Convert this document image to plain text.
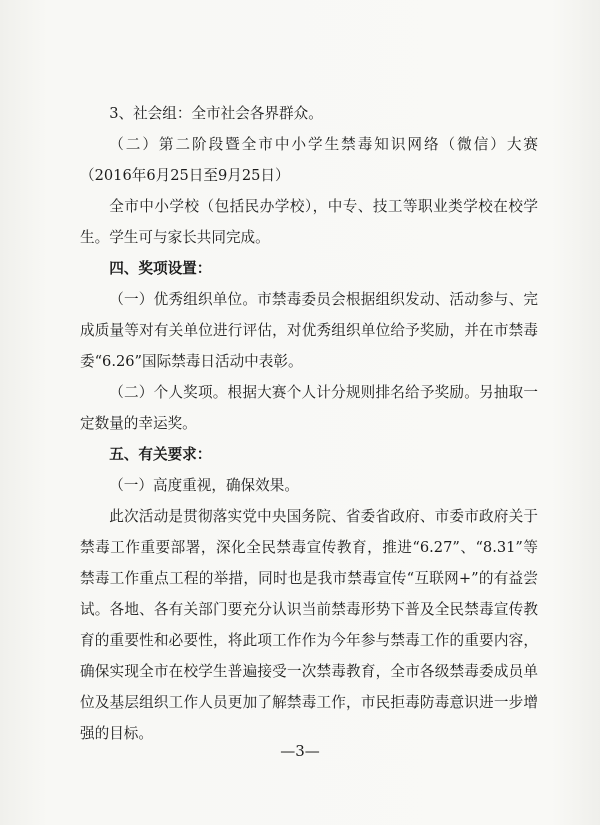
3、社会组：全市社会各界群众。

（二）第二阶段暨全市中小学生禁毒知识网络（微信）大赛（2016年6月25日至9月25日）

全市中小学校（包括民办学校），中专、技工等职业类学校在校学生。学生可与家长共同完成。

四、奖项设置：

（一）优秀组织单位。市禁毒委员会根据组织发动、活动参与、完成质量等对有关单位进行评估，对优秀组织单位给予奖励，并在市禁毒委“6.26”国际禁毒日活动中表彰。

（二）个人奖项。根据大赛个人计分规则排名给予奖励。另抽取一定数量的幸运奖。

五、有关要求：

（一）高度重视，确保效果。

此次活动是贯彻落实党中央国务院、省委省政府、市委市政府关于禁毒工作重要部署，深化全民禁毒宣传教育，推进“6.27”、“8.31”等禁毒工作重点工程的举措，同时也是我市禁毒宣传“互联网+”的有益尝试。各地、各有关部门要充分认识当前禁毒形势下普及全民禁毒宣传教育的重要性和必要性，将此项工作作为今年参与禁毒工作的重要内容，确保实现全市在校学生普遍接受一次禁毒教育，全市各级禁毒委成员单位及基层组织工作人员更加了解禁毒工作，市民拒毒防毒意识进一步增强的目标。

—3—
